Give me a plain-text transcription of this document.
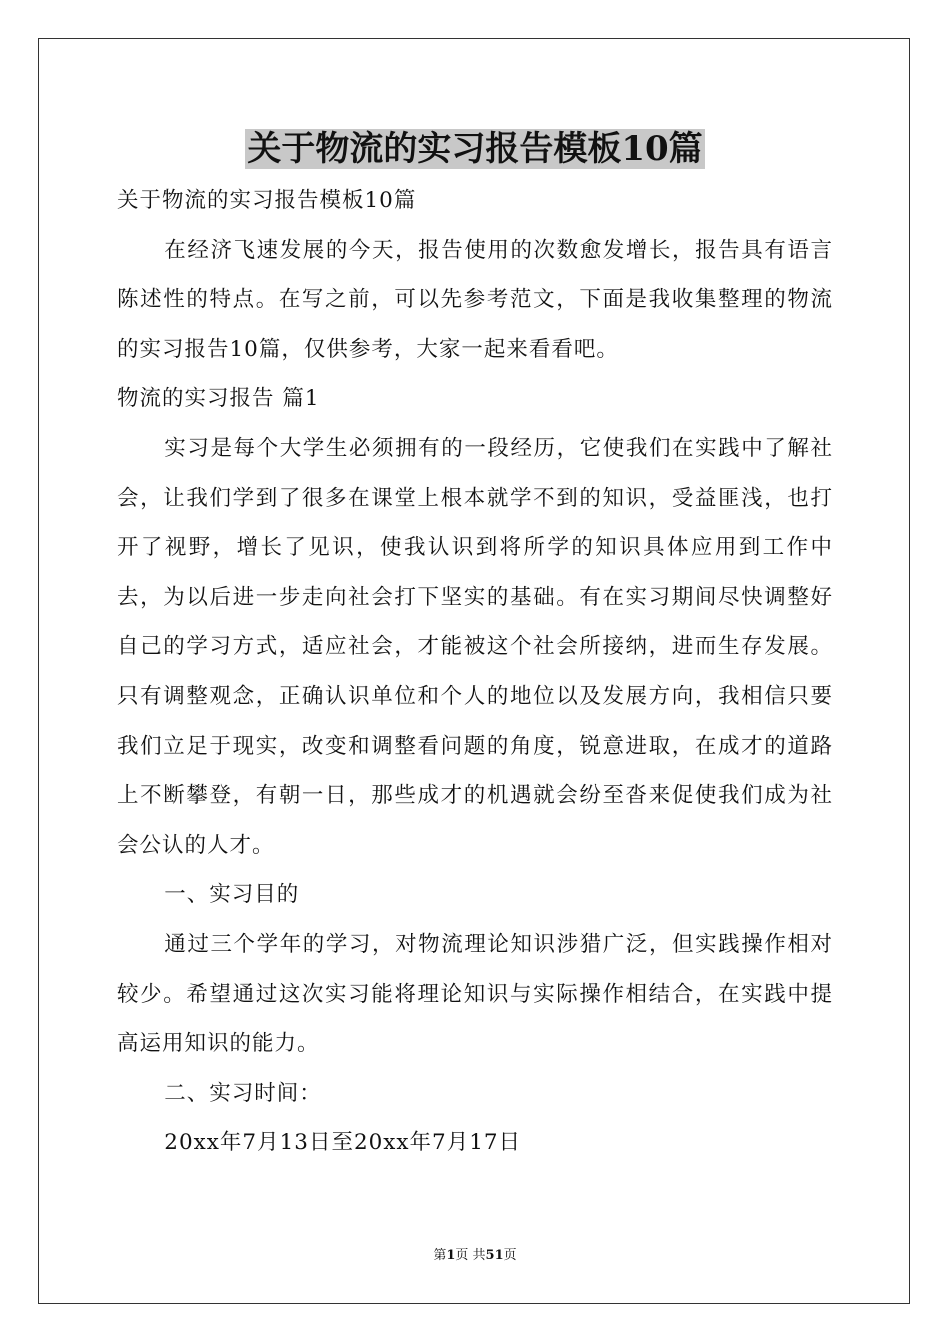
关于物流的实习报告模板10篇

关于物流的实习报告模板10篇

在经济飞速发展的今天，报告使用的次数愈发增长，报告具有语言陈述性的特点。在写之前，可以先参考范文，下面是我收集整理的物流的实习报告10篇，仅供参考，大家一起来看看吧。

物流的实习报告 篇1

实习是每个大学生必须拥有的一段经历，它使我们在实践中了解社会，让我们学到了很多在课堂上根本就学不到的知识，受益匪浅，也打开了视野，增长了见识，使我认识到将所学的知识具体应用到工作中去，为以后进一步走向社会打下坚实的基础。有在实习期间尽快调整好自己的学习方式，适应社会，才能被这个社会所接纳，进而生存发展。只有调整观念，正确认识单位和个人的地位以及发展方向，我相信只要我们立足于现实，改变和调整看问题的角度，锐意进取，在成才的道路上不断攀登，有朝一日，那些成才的机遇就会纷至沓来促使我们成为社会公认的人才。

一、实习目的

通过三个学年的学习，对物流理论知识涉猎广泛，但实践操作相对较少。希望通过这次实习能将理论知识与实际操作相结合，在实践中提高运用知识的能力。

二、实习时间：

20xx年7月13日至20xx年7月17日

第1页 共51页
